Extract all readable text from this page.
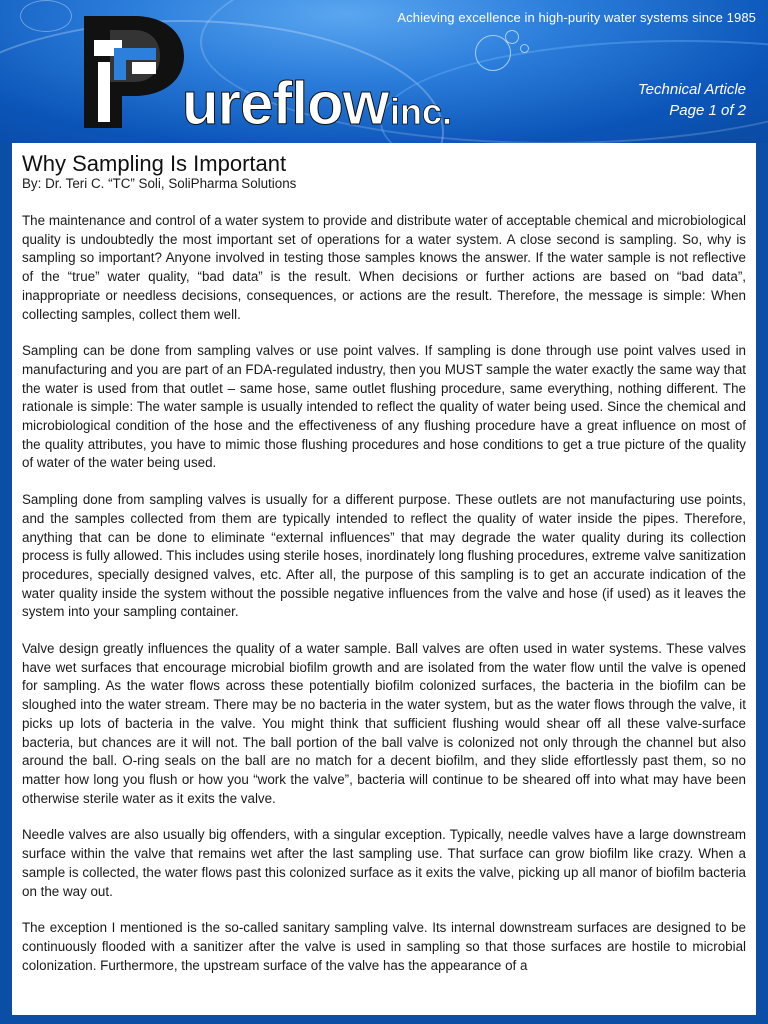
ureflow inc.
Achieving excellence in high-purity water systems since 1985
Technical Article
Page 1 of 2
Why Sampling Is Important

By: Dr. Teri C. “TC” Soli, SoliPharma Solutions

The maintenance and control of a water system to provide and distribute water of acceptable chemical and microbiological quality is undoubtedly the most important set of operations for a water system. A close second is sampling. So, why is sampling so important? Anyone involved in testing those samples knows the answer. If the water sample is not reflective of the “true” water quality, “bad data” is the result. When decisions or further actions are based on “bad data”, inappropriate or needless decisions, consequences, or actions are the result. Therefore, the message is simple: When collecting samples, collect them well.

Sampling can be done from sampling valves or use point valves. If sampling is done through use point valves used in manufacturing and you are part of an FDA-regulated industry, then you MUST sample the water exactly the same way that the water is used from that outlet – same hose, same outlet flushing procedure, same everything, nothing different. The rationale is simple: The water sample is usually intended to reflect the quality of water being used. Since the chemical and microbiological condition of the hose and the effectiveness of any flushing procedure have a great influence on most of the quality attributes, you have to mimic those flushing procedures and hose conditions to get a true picture of the quality of water of the water being used.

Sampling done from sampling valves is usually for a different purpose. These outlets are not manufacturing use points, and the samples collected from them are typically intended to reflect the quality of water inside the pipes. Therefore, anything that can be done to eliminate “external influences” that may degrade the water quality during its collection process is fully allowed. This includes using sterile hoses, inordinately long flushing procedures, extreme valve sanitization procedures, specially designed valves, etc. After all, the purpose of this sampling is to get an accurate indication of the water quality inside the system without the possible negative influences from the valve and hose (if used) as it leaves the system into your sampling container.

Valve design greatly influences the quality of a water sample. Ball valves are often used in water systems. These valves have wet surfaces that encourage microbial biofilm growth and are isolated from the water flow until the valve is opened for sampling. As the water flows across these potentially biofilm colonized surfaces, the bacteria in the biofilm can be sloughed into the water stream. There may be no bacteria in the water system, but as the water flows through the valve, it picks up lots of bacteria in the valve. You might think that sufficient flushing would shear off all these valve-surface bacteria, but chances are it will not. The ball portion of the ball valve is colonized not only through the channel but also around the ball. O-ring seals on the ball are no match for a decent biofilm, and they slide effortlessly past them, so no matter how long you flush or how you “work the valve”, bacteria will continue to be sheared off into what may have been otherwise sterile water as it exits the valve.

Needle valves are also usually big offenders, with a singular exception. Typically, needle valves have a large downstream surface within the valve that remains wet after the last sampling use. That surface can grow biofilm like crazy. When a sample is collected, the water flows past this colonized surface as it exits the valve, picking up all manor of biofilm bacteria on the way out.

The exception I mentioned is the so-called sanitary sampling valve. Its internal downstream surfaces are designed to be continuously flooded with a sanitizer after the valve is used in sampling so that those surfaces are hostile to microbial colonization. Furthermore, the upstream surface of the valve has the appearance of a
